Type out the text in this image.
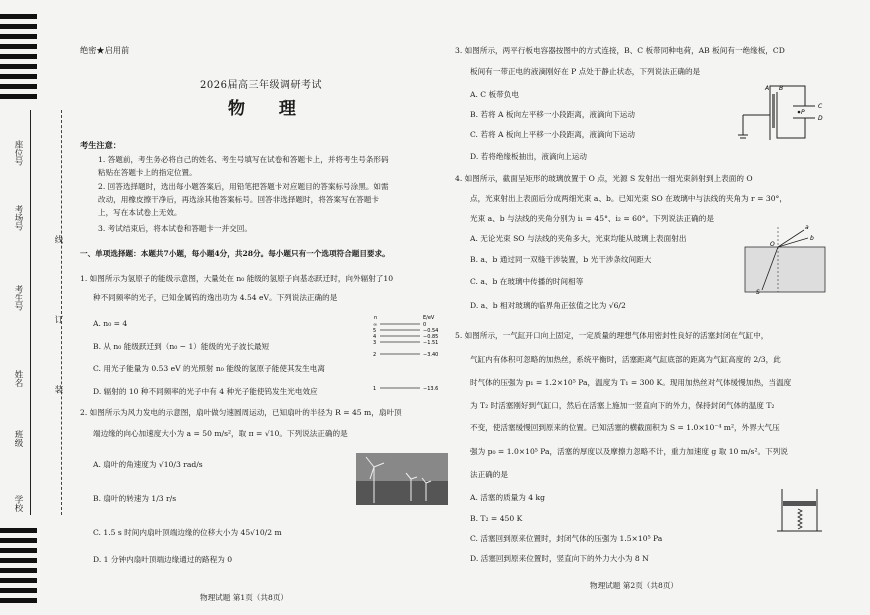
座位号
考场号
考生号
姓名
班级
学校
线
订
装
绝密★启用前
2026届高三年级调研考试
物 理
考生注意：
1. 答题前，考生务必将自己的姓名、考生号填写在试卷和答题卡上，并将考生号条形码
粘贴在答题卡上的指定位置。
2. 回答选择题时，选出每小题答案后，用铅笔把答题卡对应题目的答案标号涂黑。如需
改动，用橡皮擦干净后，再选涂其他答案标号。回答非选择题时，将答案写在答题卡
上，写在本试卷上无效。
3. 考试结束后，将本试卷和答题卡一并交回。
一、单项选择题：本题共7小题，每小题4分，共28分。每小题只有一个选项符合题目要求。
1. 如图所示为氢原子的能级示意图，大量处在 n₀ 能级的氢原子向基态跃迁时，向外辐射了10
种不同频率的光子，已知金属钨的逸出功为 4.54 eV。下列说法正确的是
A. n₀ = 4
B. 从 n₀ 能级跃迁到（n₀ − 1）能级的光子波长最短
C. 用光子能量为 0.53 eV 的光照射 n₀ 能级的氢原子能使其发生电离
D. 辐射的 10 种不同频率的光子中有 4 种光子能使钨发生光电效应
n	E/eV
∞	0
5	−0.54
4	−0.85
3	−1.51
2	−3.40
1	−13.6
2. 如图所示为风力发电的示意图，扇叶做匀速圆周运动，已知扇叶的半径为 R = 45 m，扇叶顶
端边缘的向心加速度大小为 a = 50 m/s²，取 π = √10。下列说法正确的是
A. 扇叶的角速度为 √10/3 rad/s
B. 扇叶的转速为 1/3 r/s
C. 1.5 s 时间内扇叶顶端边缘的位移大小为 45√10/2 m
D. 1 分钟内扇叶顶端边缘通过的路程为 0
物理试题 第1页（共8页）
3. 如图所示，两平行板电容器按图中的方式连接，B、C 板带同种电荷，AB 板间有一绝缘板，CD
板间有一带正电的液滴刚好在 P 点处于静止状态，下列说法正确的是
A. C 板带负电
B. 若将 A 板向左平移一小段距离，液滴向下运动
C. 若将 A 板向上平移一小段距离，液滴向下运动
D. 若将绝缘板抽出，液滴向上运动
A B
C
D
P
4. 如图所示，截面呈矩形的玻璃放置于 O 点，光源 S 发射出一细光束斜射到上表面的 O
点，光束射出上表面后分成两细光束 a、b。已知光束 SO 在玻璃中与法线的夹角为 r = 30°，
光束 a、b 与法线的夹角分别为 i₁ = 45°、i₂ = 60°。下列说法正确的是
A. 无论光束 SO 与法线的夹角多大，光束均能从玻璃上表面射出
B. a、b 通过同一双缝干涉装置，b 光干涉条纹间距大
C. a、b 在玻璃中传播的时间相等
D. a、b 相对玻璃的临界角正弦值之比为 √6/2
O
S
a
b
5. 如图所示，一气缸开口向上固定，一定质量的理想气体用密封性良好的活塞封闭在气缸中，
气缸内有体积可忽略的加热丝，系统平衡时，活塞距离气缸底部的距离为气缸高度的 2/3，此
时气体的压强为 p₁ = 1.2×10⁵ Pa，温度为 T₁ = 300 K。现用加热丝对气体缓慢加热，当温度
为 T₂ 时活塞刚好到气缸口，然后在活塞上施加一竖直向下的外力，保持封闭气体的温度 T₂
不变，使活塞缓慢回到原来的位置。已知活塞的横截面积为 S = 1.0×10⁻⁴ m²，外界大气压
强为 p₀ = 1.0×10⁵ Pa，活塞的厚度以及摩擦力忽略不计，重力加速度 g 取 10 m/s²。下列说
法正确的是
A. 活塞的质量为 4 kg
B. T₂ = 450 K
C. 活塞回到原来位置时，封闭气体的压强为 1.5×10⁵ Pa
D. 活塞回到原来位置时，竖直向下的外力大小为 8 N
物理试题 第2页（共8页）
